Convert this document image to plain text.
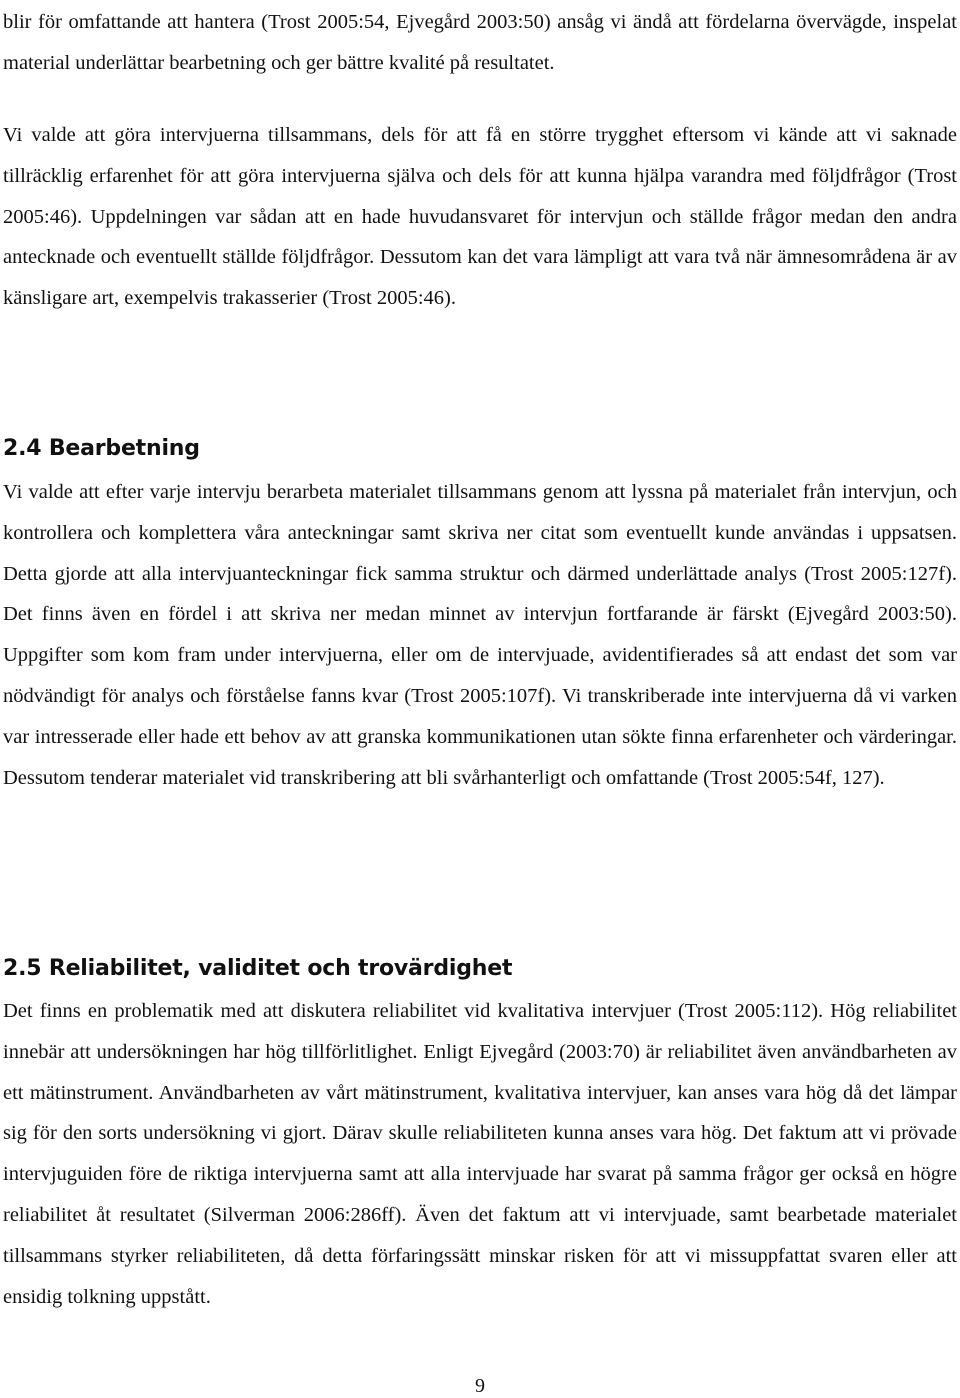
blir för omfattande att hantera (Trost 2005:54, Ejvegård 2003:50) ansåg vi ändå att fördelarna övervägde, inspelat material underlättar bearbetning och ger bättre kvalité på resultatet.

Vi valde att göra intervjuerna tillsammans, dels för att få en större trygghet eftersom vi kände att vi saknade tillräcklig erfarenhet för att göra intervjuerna själva och dels för att kunna hjälpa varandra med följdfrågor (Trost 2005:46). Uppdelningen var sådan att en hade huvudansvaret för intervjun och ställde frågor medan den andra antecknade och eventuellt ställde följdfrågor. Dessutom kan det vara lämpligt att vara två när ämnesområdena är av känsligare art, exempelvis trakasserier (Trost 2005:46).

2.4 Bearbetning

Vi valde att efter varje intervju berarbeta materialet tillsammans genom att lyssna på materialet från intervjun, och kontrollera och komplettera våra anteckningar samt skriva ner citat som eventuellt kunde användas i uppsatsen. Detta gjorde att alla intervjuanteckningar fick samma struktur och därmed underlättade analys (Trost 2005:127f). Det finns även en fördel i att skriva ner medan minnet av intervjun fortfarande är färskt (Ejvegård 2003:50). Uppgifter som kom fram under intervjuerna, eller om de intervjuade, avidentifierades så att endast det som var nödvändigt för analys och förståelse fanns kvar (Trost 2005:107f). Vi transkriberade inte intervjuerna då vi varken var intresserade eller hade ett behov av att granska kommunikationen utan sökte finna erfarenheter och värderingar. Dessutom tenderar materialet vid transkribering att bli svårhanterligt och omfattande (Trost 2005:54f, 127).

2.5 Reliabilitet, validitet och trovärdighet

Det finns en problematik med att diskutera reliabilitet vid kvalitativa intervjuer (Trost 2005:112). Hög reliabilitet innebär att undersökningen har hög tillförlitlighet. Enligt Ejvegård (2003:70) är reliabilitet även användbarheten av ett mätinstrument. Användbarheten av vårt mätinstrument, kvalitativa intervjuer, kan anses vara hög då det lämpar sig för den sorts undersökning vi gjort. Därav skulle reliabiliteten kunna anses vara hög. Det faktum att vi prövade intervjuguiden före de riktiga intervjuerna samt att alla intervjuade har svarat på samma frågor ger också en högre reliabilitet åt resultatet (Silverman 2006:286ff). Även det faktum att vi intervjuade, samt bearbetade materialet tillsammans styrker reliabiliteten, då detta förfaringssätt minskar risken för att vi missuppfattat svaren eller att ensidig tolkning uppstått.

9
